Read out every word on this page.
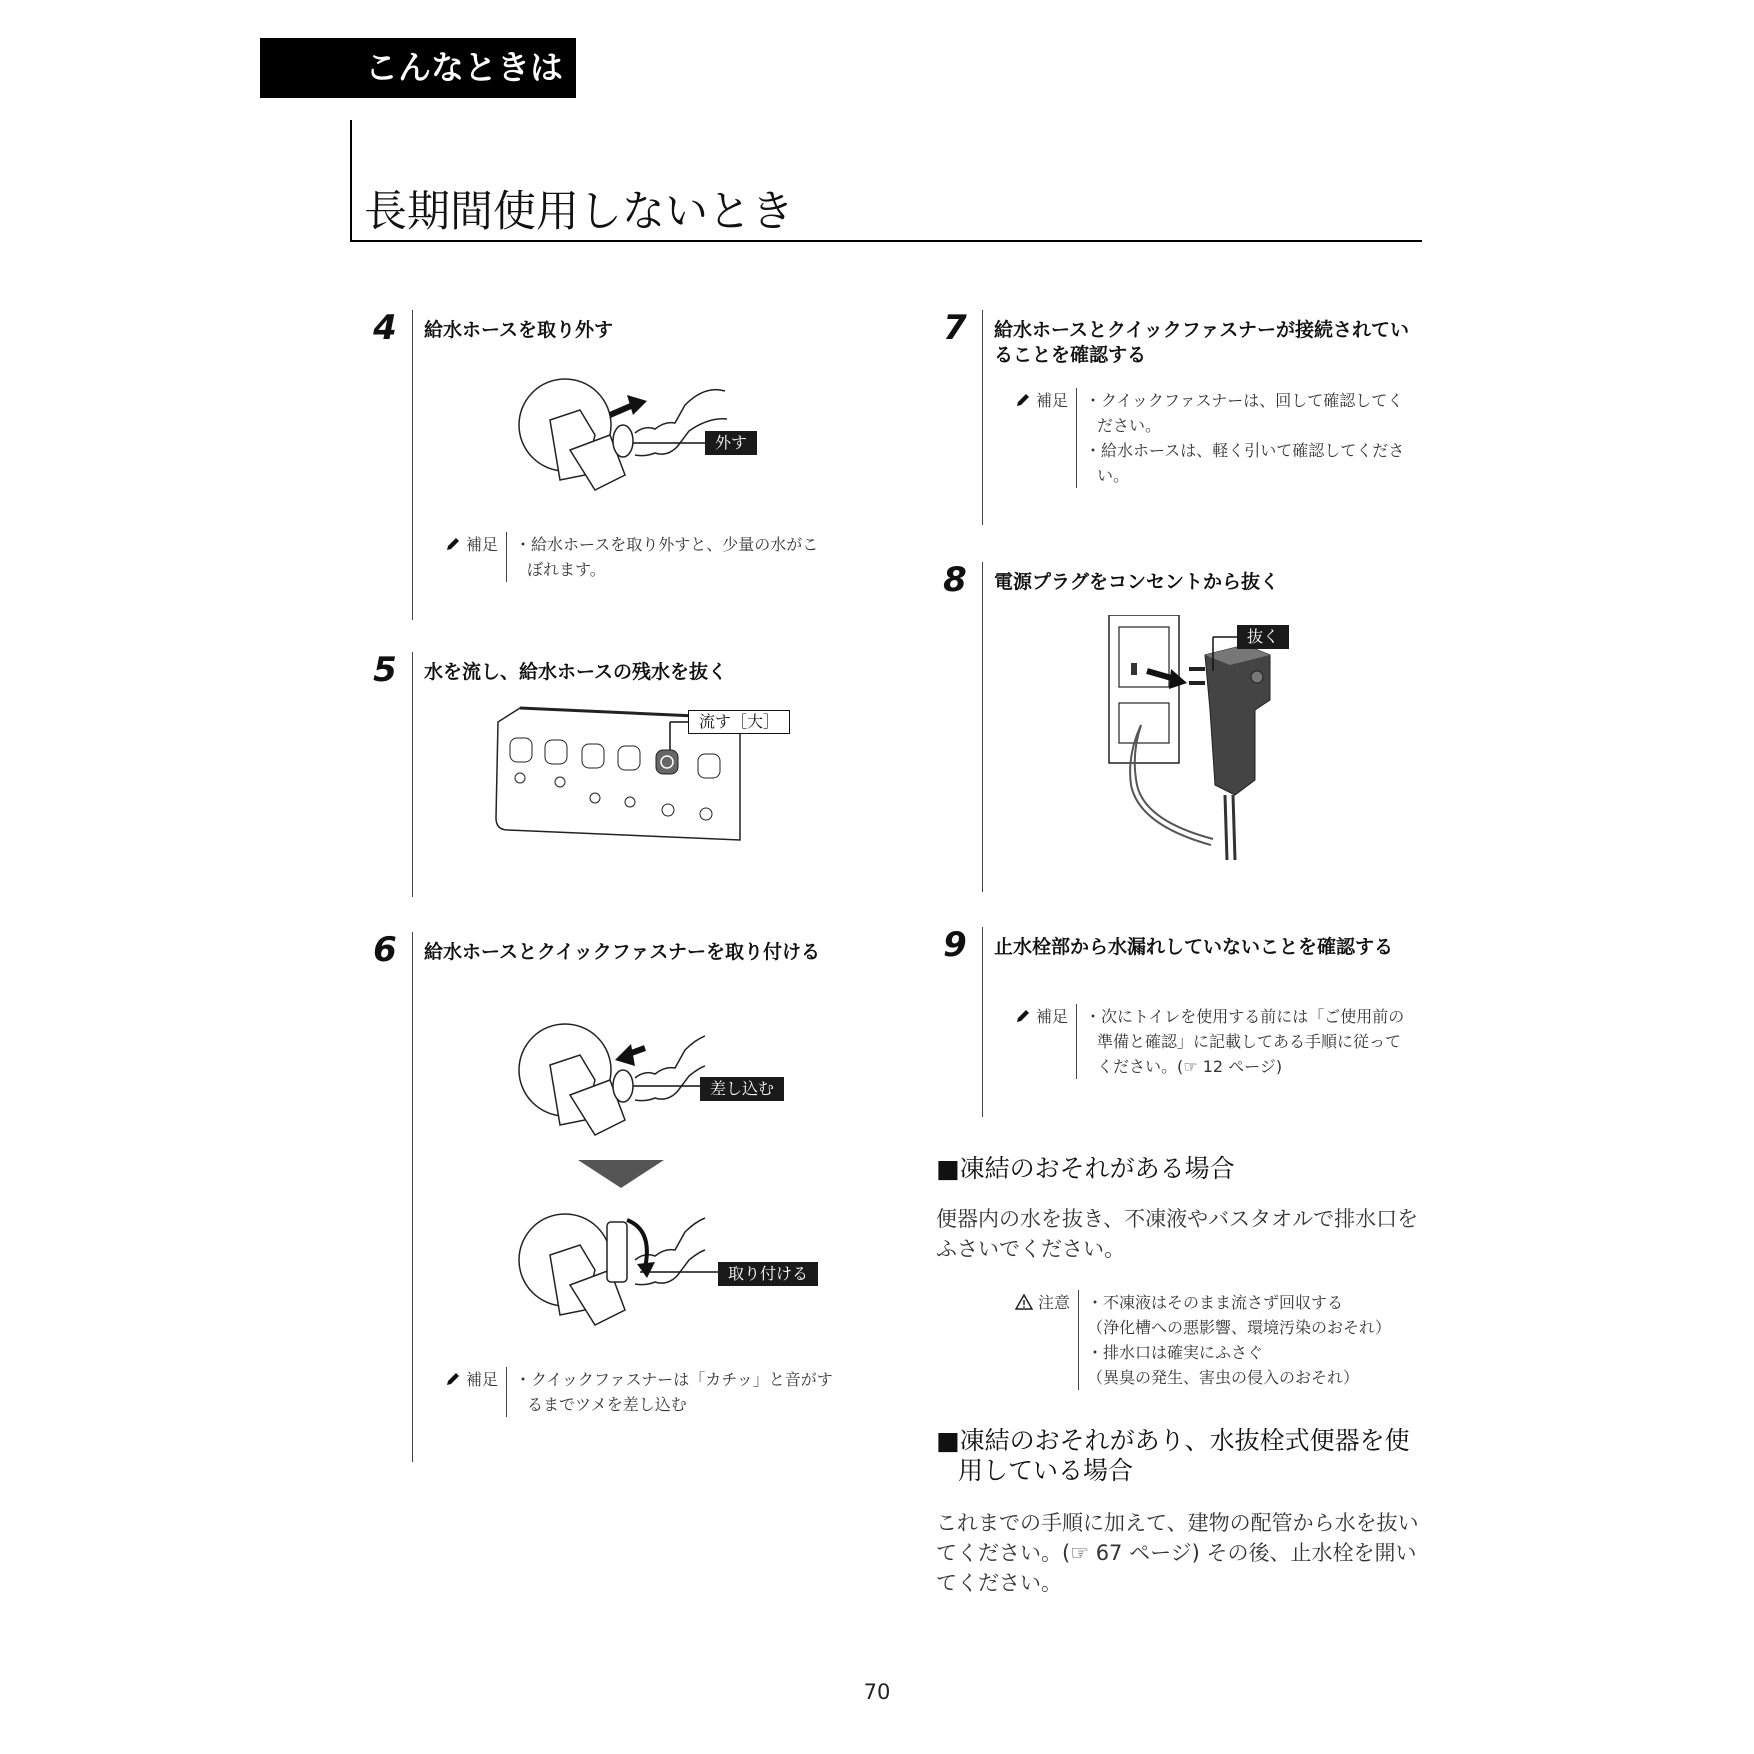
こんなときは
長期間使用しないとき
4	給水ホースを取り外す
外す
補足 ・給水ホースを取り外すと、少量の水がこぼれます。
5	水を流し、給水ホースの残水を抜く
流す［大］
6	給水ホースとクイックファスナーを取り付ける
差し込む
取り付ける
補足 ・クイックファスナーは「カチッ」と音がするまでツメを差し込む
7	給水ホースとクイックファスナーが接続されていることを確認する
補足 ・クイックファスナーは、回して確認してください。
・給水ホースは、軽く引いて確認してください。
8	電源プラグをコンセントから抜く
抜く
9	止水栓部から水漏れしていないことを確認する
補足 ・次にトイレを使用する前には「ご使用前の準備と確認」に記載してある手順に従ってください。(☞ 12 ページ)
■凍結のおそれがある場合
便器内の水を抜き、不凍液やバスタオルで排水口をふさいでください。
注意 ・不凍液はそのまま流さず回収する
（浄化槽への悪影響、環境汚染のおそれ）
・排水口は確実にふさぐ
（異臭の発生、害虫の侵入のおそれ）
■凍結のおそれがあり、水抜栓式便器を使用している場合
これまでの手順に加えて、建物の配管から水を抜いてください。(☞ 67 ページ) その後、止水栓を開いてください。
70
